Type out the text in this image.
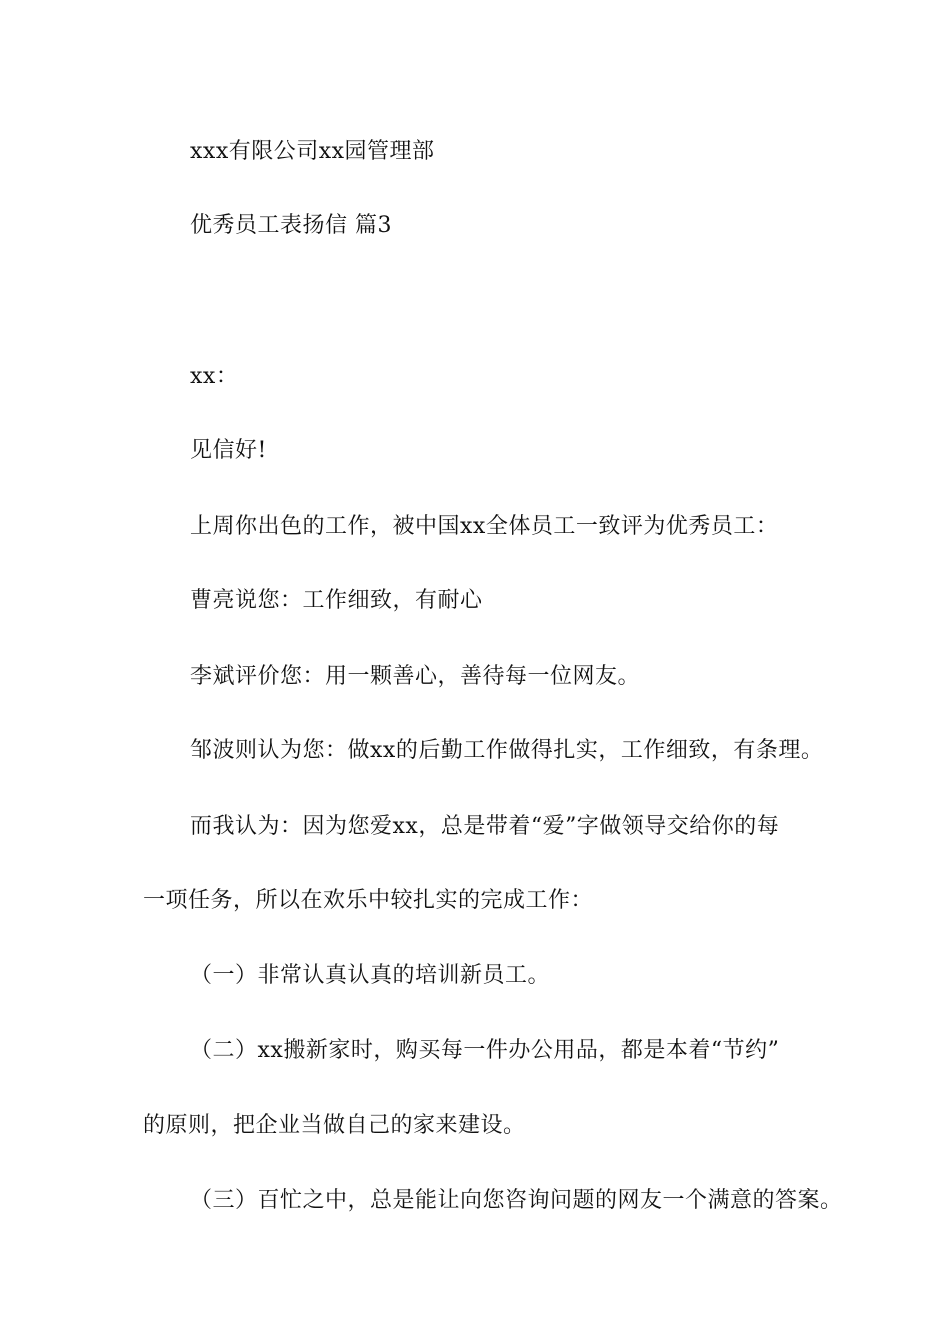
xxx有限公司xx园管理部
优秀员工表扬信 篇3
xx：
见信好!
上周你出色的工作，被中国xx全体员工一致评为优秀员工：
曹亮说您：工作细致，有耐心
李斌评价您：用一颗善心，善待每一位网友。
邹波则认为您：做xx的后勤工作做得扎实，工作细致，有条理。
而我认为：因为您爱xx，总是带着“爱”字做领导交给你的每
一项任务，所以在欢乐中较扎实的完成工作：
（一）非常认真认真的培训新员工。
（二）xx搬新家时，购买每一件办公用品，都是本着“节约”
的原则，把企业当做自己的家来建设。
（三）百忙之中，总是能让向您咨询问题的网友一个满意的答案。
